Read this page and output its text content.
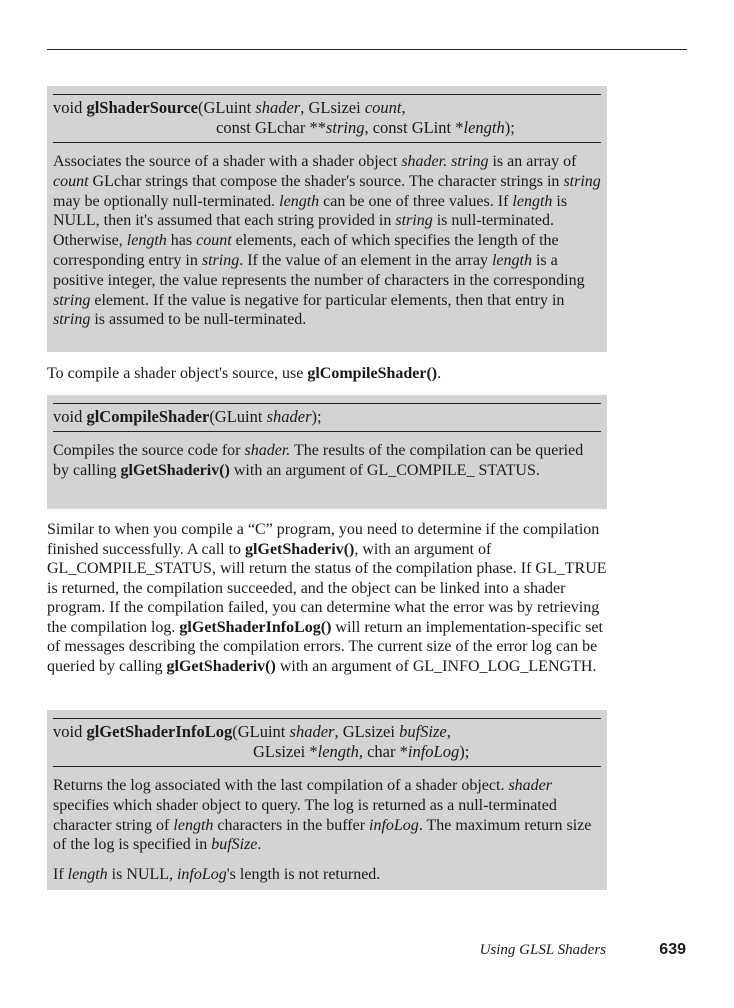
void glShaderSource(GLuint shader, GLsizei count,
const GLchar **string, const GLint *length);

Associates the source of a shader with a shader object shader. string is an array of count GLchar strings that compose the shader's source. The character strings in string may be optionally null-terminated. length can be one of three values. If length is NULL, then it's assumed that each string provided in string is null-terminated. Otherwise, length has count elements, each of which specifies the length of the corresponding entry in string. If the value of an element in the array length is a positive integer, the value represents the number of characters in the corresponding string element. If the value is negative for particular elements, then that entry in string is assumed to be null-terminated.

To compile a shader object's source, use glCompileShader().

void glCompileShader(GLuint shader);

Compiles the source code for shader. The results of the compilation can be queried by calling glGetShaderiv() with an argument of GL_COMPILE_ STATUS.

Similar to when you compile a “C” program, you need to determine if the compilation finished successfully. A call to glGetShaderiv(), with an argument of GL_COMPILE_STATUS, will return the status of the compilation phase. If GL_TRUE is returned, the compilation succeeded, and the object can be linked into a shader program. If the compilation failed, you can determine what the error was by retrieving the compilation log. glGetShaderInfoLog() will return an implementation-specific set of messages describing the compilation errors. The current size of the error log can be queried by calling glGetShaderiv() with an argument of GL_INFO_LOG_LENGTH.

void glGetShaderInfoLog(GLuint shader, GLsizei bufSize,
GLsizei *length, char *infoLog);

Returns the log associated with the last compilation of a shader object. shader specifies which shader object to query. The log is returned as a null-terminated character string of length characters in the buffer infoLog. The maximum return size of the log is specified in bufSize.

If length is NULL, infoLog's length is not returned.

Using GLSL Shaders	639
